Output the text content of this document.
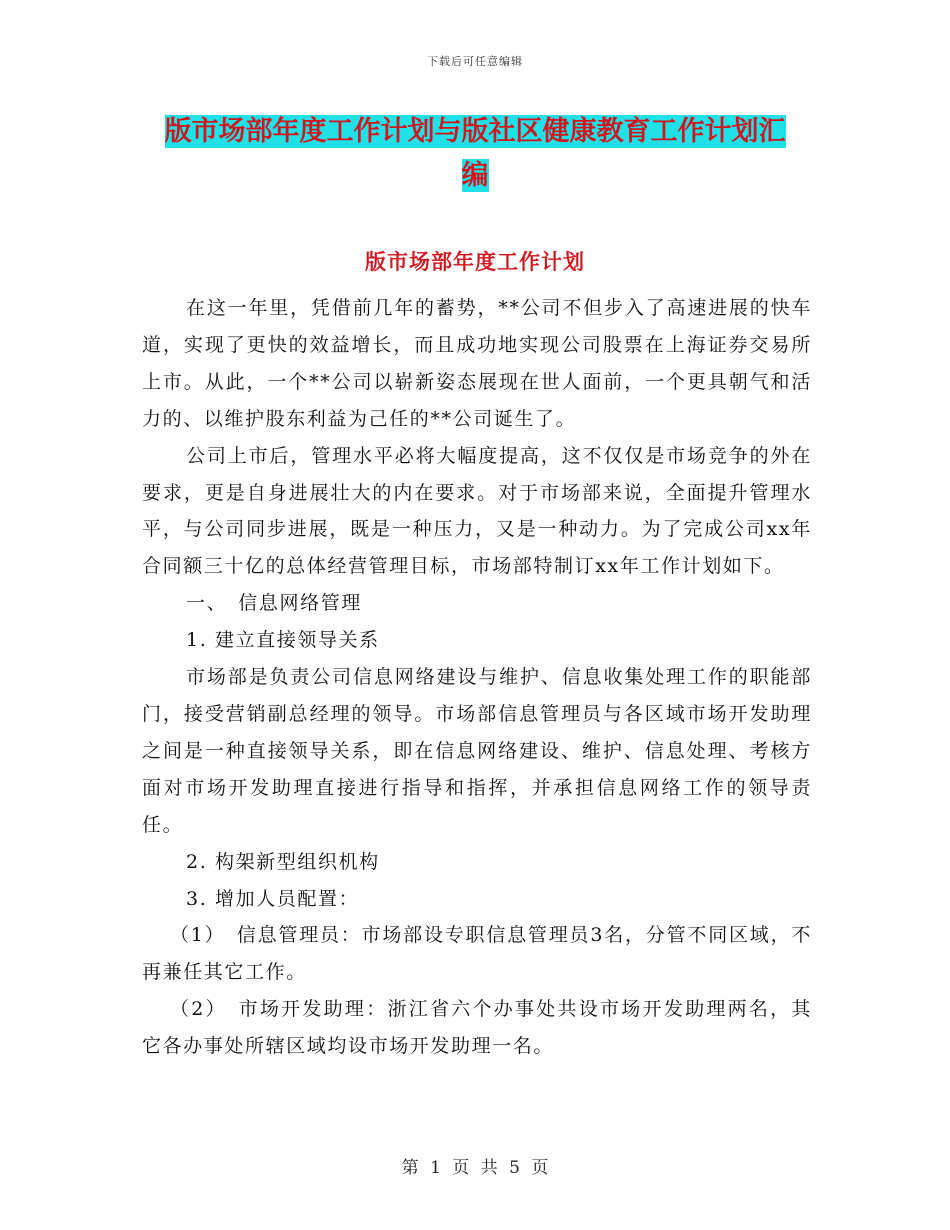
下载后可任意编辑
版市场部年度工作计划与版社区健康教育工作计划汇
编
版市场部年度工作计划

在这一年里，凭借前几年的蓄势，**公司不但步入了高速进展的快车道，实现了更快的效益增长，而且成功地实现公司股票在上海证券交易所上市。从此，一个**公司以崭新姿态展现在世人面前，一个更具朝气和活力的、以维护股东利益为己任的**公司诞生了。

公司上市后，管理水平必将大幅度提高，这不仅仅是市场竞争的外在要求，更是自身进展壮大的内在要求。对于市场部来说，全面提升管理水平，与公司同步进展，既是一种压力，又是一种动力。为了完成公司xx年合同额三十亿的总体经营管理目标，市场部特制订xx年工作计划如下。

一、　信息网络管理

1. 建立直接领导关系

市场部是负责公司信息网络建设与维护、信息收集处理工作的职能部门，接受营销副总经理的领导。市场部信息管理员与各区域市场开发助理之间是一种直接领导关系，即在信息网络建设、维护、信息处理、考核方面对市场开发助理直接进行指导和指挥，并承担信息网络工作的领导责任。

2. 构架新型组织机构

3. 增加人员配置：

（1）　信息管理员：市场部设专职信息管理员3名，分管不同区域，不再兼任其它工作。

（2）　市场开发助理：浙江省六个办事处共设市场开发助理两名，其它各办事处所辖区域均设市场开发助理一名。

第 1 页 共 5 页
